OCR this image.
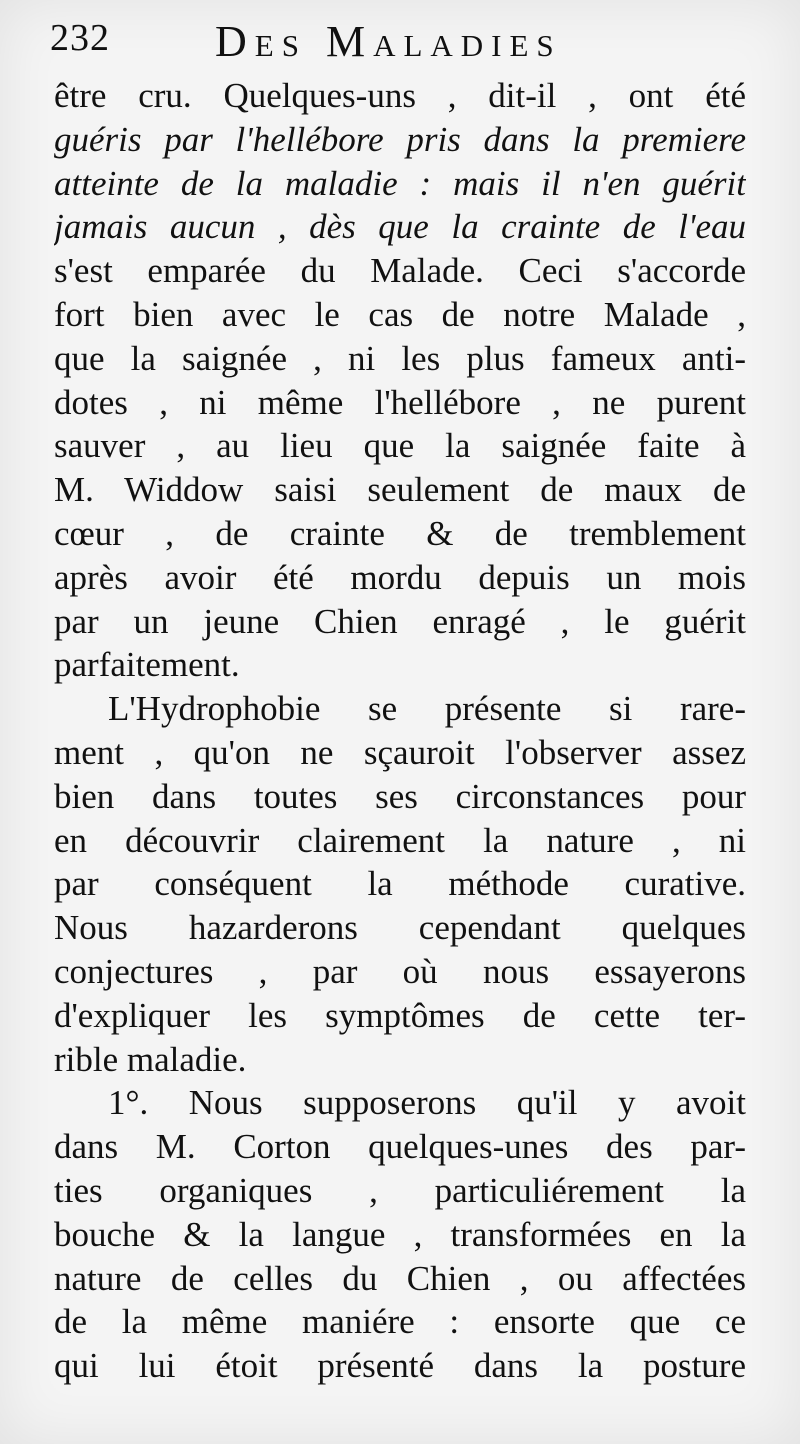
232 Des Maladies
être cru. Quelques-uns , dit-il , ont été
guéris par l'hellébore pris dans la premiere
atteinte de la maladie : mais il n'en guérit
jamais aucun , dès que la crainte de l'eau
s'est emparée du Malade. Ceci s'accorde
fort bien avec le cas de notre Malade ,
que la saignée , ni les plus fameux anti-
dotes , ni même l'hellébore , ne purent
sauver , au lieu que la saignée faite à
M. Widdow saisi seulement de maux de
cœur , de crainte & de tremblement
après avoir été mordu depuis un mois
par un jeune Chien enragé , le guérit
parfaitement.
L'Hydrophobie se présente si rare-
ment , qu'on ne sçauroit l'observer assez
bien dans toutes ses circonstances pour
en découvrir clairement la nature , ni
par conséquent la méthode curative.
Nous hazarderons cependant quelques
conjectures , par où nous essayerons
d'expliquer les symptômes de cette ter-
rible maladie.
1°. Nous supposerons qu'il y avoit
dans M. Corton quelques-unes des par-
ties organiques , particuliérement la
bouche & la langue , transformées en la
nature de celles du Chien , ou affectées
de la même maniére : ensorte que ce
qui lui étoit présenté dans la posture
